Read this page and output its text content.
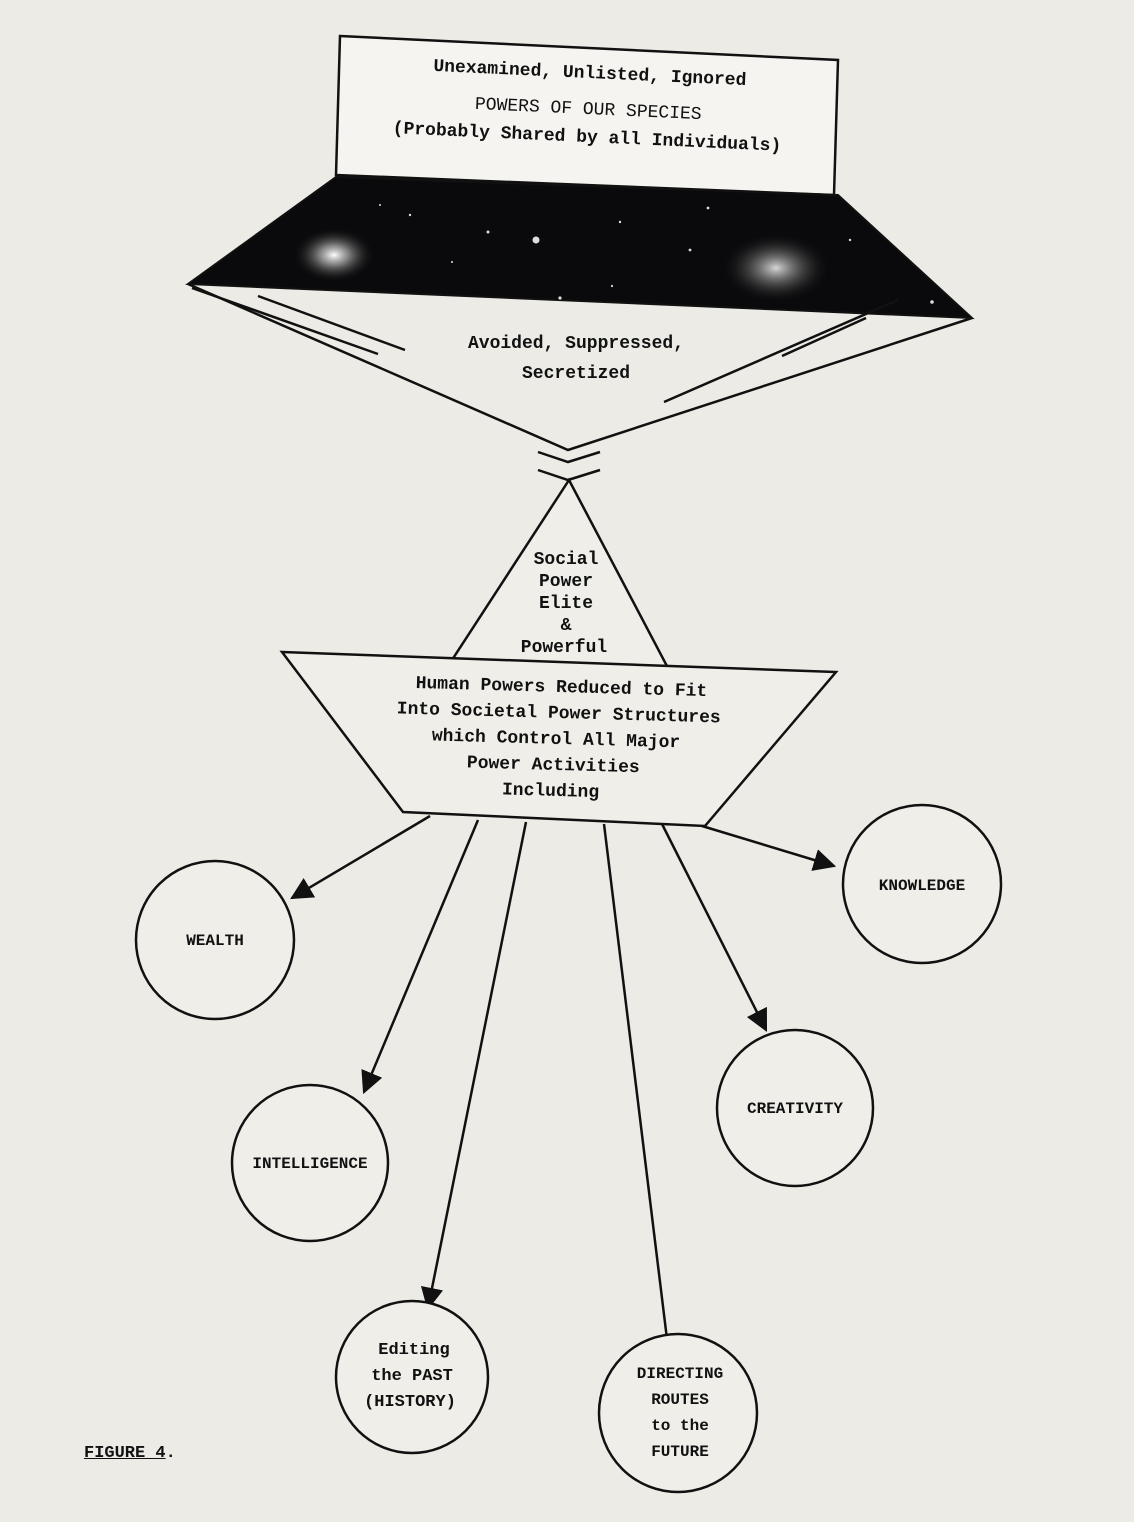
Unexamined, Unlisted, Ignored
POWERS OF OUR SPECIES
(Probably Shared by all Individuals)
Avoided, Suppressed,
Secretized
Social
Power
Elite
&
Powerful
Human Powers Reduced to Fit
Into Societal Power Structures
which Control All Major
Power Activities
Including
WEALTH
KNOWLEDGE
CREATIVITY
INTELLIGENCE
Editing
the PAST
(HISTORY)
DIRECTING
ROUTES
to the
FUTURE
FIGURE 4.
